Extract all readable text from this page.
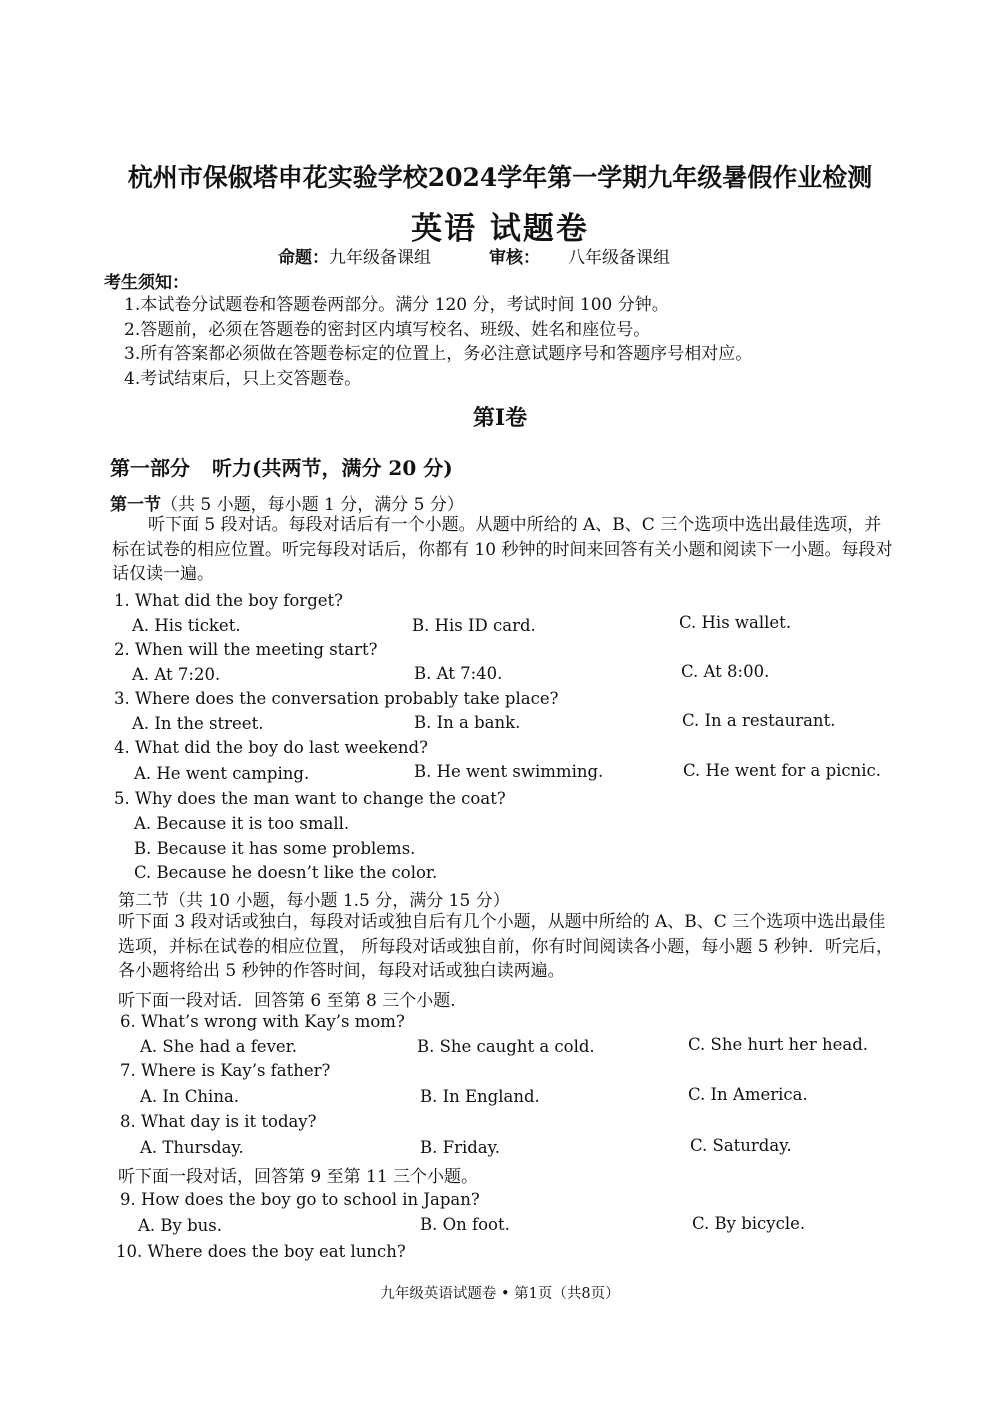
杭州市保俶塔申花实验学校2024学年第一学期九年级暑假作业检测
英语 试题卷
命题：九年级备课组	审核： 八年级备课组
考生须知：
1.本试卷分试题卷和答题卷两部分。满分 120 分，考试时间 100 分钟。
2.答题前，必须在答题卷的密封区内填写校名、班级、姓名和座位号。
3.所有答案都必须做在答题卷标定的位置上，务必注意试题序号和答题序号相对应。
4.考试结束后，只上交答题卷。
第Ⅰ卷
第一部分 听力(共两节，满分 20 分)
第一节（共 5 小题，每小题 1 分，满分 5 分）
听下面 5 段对话。每段对话后有一个小题。从题中所给的 A、B、C 三个选项中选出最佳选项，并标在试卷的相应位置。听完每段对话后，你都有 10 秒钟的时间来回答有关小题和阅读下一小题。每段对话仅读一遍。
1. What did the boy forget?
A. His ticket.	B. His ID card.	C. His wallet.
2. When will the meeting start?
A. At 7:20.	B. At 7:40.	C. At 8:00.
3. Where does the conversation probably take place?
A. In the street.	B. In a bank.	C. In a restaurant.
4. What did the boy do last weekend?
A. He went camping.	B. He went swimming.	C. He went for a picnic.
5. Why does the man want to change the coat?
A. Because it is too small.
B. Because it has some problems.
C. Because he doesn’t like the color.
第二节（共 10 小题，每小题 1.5 分，满分 15 分）
听下面 3 段对话或独白，每段对话或独自后有几个小题，从题中所给的 A、B、C 三个选项中选出最佳选项，并标在试卷的相应位置， 所每段对话或独自前，你有时间阅读各小题，每小题 5 秒钟．听完后，各小题将给出 5 秒钟的作答时间，每段对话或独白读两遍。
听下面一段对话．回答第 6 至第 8 三个小题.
6. What’s wrong with Kay’s mom?
A. She had a fever.	B. She caught a cold.	C. She hurt her head.
7. Where is Kay’s father?
A. In China.	B. In England.	C. In America.
8. What day is it today?
A. Thursday.	B. Friday.	C. Saturday.
听下面一段对话，回答第 9 至第 11 三个小题。
9. How does the boy go to school in Japan?
A. By bus.	B. On foot.	C. By bicycle.
10. Where does the boy eat lunch?
九年级英语试题卷 • 第1页（共8页）
